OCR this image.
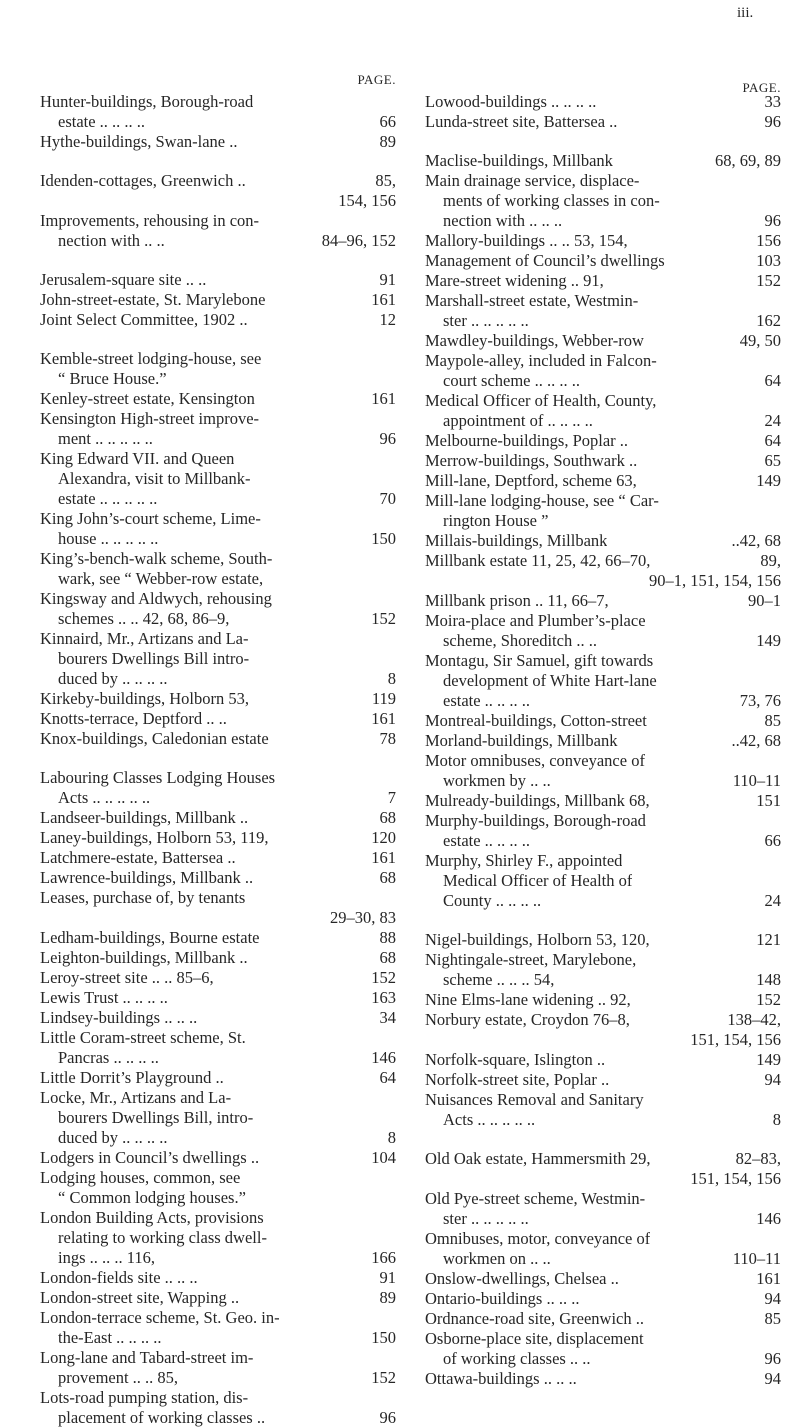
iii.
PAGE.
Hunter-buildings, Borough-road
estate .. .. .. ..	66
Hythe-buildings, Swan-lane ..	89
Idenden-cottages, Greenwich ..	85,
154, 156
Improvements, rehousing in con-
nection with .. ..	84–96, 152
Jerusalem-square site .. ..	91
John-street-estate, St. Marylebone	161
Joint Select Committee, 1902 ..	12
Kemble-street lodging-house, see
“ Bruce House.”
Kenley-street estate, Kensington	161
Kensington High-street improve-
ment .. .. .. .. ..	96
King Edward VII. and Queen
Alexandra, visit to Millbank-
estate .. .. .. .. ..	70
King John’s-court scheme, Lime-
house .. .. .. .. ..	150
King’s-bench-walk scheme, South-
wark, see “ Webber-row estate,
Kingsway and Aldwych, rehousing
schemes .. .. 42, 68, 86–9,	152
Kinnaird, Mr., Artizans and La-
bourers Dwellings Bill intro-
duced by .. .. .. ..	8
Kirkeby-buildings, Holborn 53,	119
Knotts-terrace, Deptford .. ..	161
Knox-buildings, Caledonian estate	78
Labouring Classes Lodging Houses
Acts .. .. .. .. ..	7
Landseer-buildings, Millbank ..	68
Laney-buildings, Holborn 53, 119,	120
Latchmere-estate, Battersea ..	161
Lawrence-buildings, Millbank ..	68
Leases, purchase of, by tenants
29–30, 83
Ledham-buildings, Bourne estate	88
Leighton-buildings, Millbank ..	68
Leroy-street site .. .. 85–6,	152
Lewis Trust .. .. .. ..	163
Lindsey-buildings .. .. ..	34
Little Coram-street scheme, St.
Pancras .. .. .. ..	146
Little Dorrit’s Playground ..	64
Locke, Mr., Artizans and La-
bourers Dwellings Bill, intro-
duced by .. .. .. ..	8
Lodgers in Council’s dwellings ..	104
Lodging houses, common, see
“ Common lodging houses.”
London Building Acts, provisions
relating to working class dwell-
ings .. .. .. 116,	166
London-fields site .. .. ..	91
London-street site, Wapping ..	89
London-terrace scheme, St. Geo. in-
the-East .. .. .. ..	150
Long-lane and Tabard-street im-
provement .. .. 85,	152
Lots-road pumping station, dis-
placement of working classes ..	96
PAGE.
Lowood-buildings .. .. .. ..	33
Lunda-street site, Battersea ..	96
Maclise-buildings, Millbank	68, 69, 89
Main drainage service, displace-
ments of working classes in con-
nection with .. .. ..	96
Mallory-buildings .. .. 53, 154,	156
Management of Council’s dwellings	103
Mare-street widening .. 91,	152
Marshall-street estate, Westmin-
ster .. .. .. .. ..	162
Mawdley-buildings, Webber-row	49, 50
Maypole-alley, included in Falcon-
court scheme .. .. .. ..	64
Medical Officer of Health, County,
appointment of .. .. .. ..	24
Melbourne-buildings, Poplar ..	64
Merrow-buildings, Southwark ..	65
Mill-lane, Deptford, scheme 63,	149
Mill-lane lodging-house, see “ Car-
rington House ”
Millais-buildings, Millbank	..42, 68
Millbank estate 11, 25, 42, 66–70,	89,
90–1, 151, 154, 156
Millbank prison .. 11, 66–7,	90–1
Moira-place and Plumber’s-place
scheme, Shoreditch .. ..	149
Montagu, Sir Samuel, gift towards
development of White Hart-lane
estate .. .. .. ..	73, 76
Montreal-buildings, Cotton-street	85
Morland-buildings, Millbank	..42, 68
Motor omnibuses, conveyance of
workmen by .. ..	110–11
Mulready-buildings, Millbank 68,	151
Murphy-buildings, Borough-road
estate .. .. .. ..	66
Murphy, Shirley F., appointed
Medical Officer of Health of
County .. .. .. ..	24
Nigel-buildings, Holborn 53, 120,	121
Nightingale-street, Marylebone,
scheme .. .. .. 54,	148
Nine Elms-lane widening .. 92,	152
Norbury estate, Croydon 76–8,	138–42,
151, 154, 156
Norfolk-square, Islington ..	149
Norfolk-street site, Poplar ..	94
Nuisances Removal and Sanitary
Acts .. .. .. .. ..	8
Old Oak estate, Hammersmith 29,	82–83,
151, 154, 156
Old Pye-street scheme, Westmin-
ster .. .. .. .. ..	146
Omnibuses, motor, conveyance of
workmen on .. ..	110–11
Onslow-dwellings, Chelsea ..	161
Ontario-buildings .. .. ..	94
Ordnance-road site, Greenwich ..	85
Osborne-place site, displacement
of working classes .. ..	96
Ottawa-buildings .. .. ..	94
